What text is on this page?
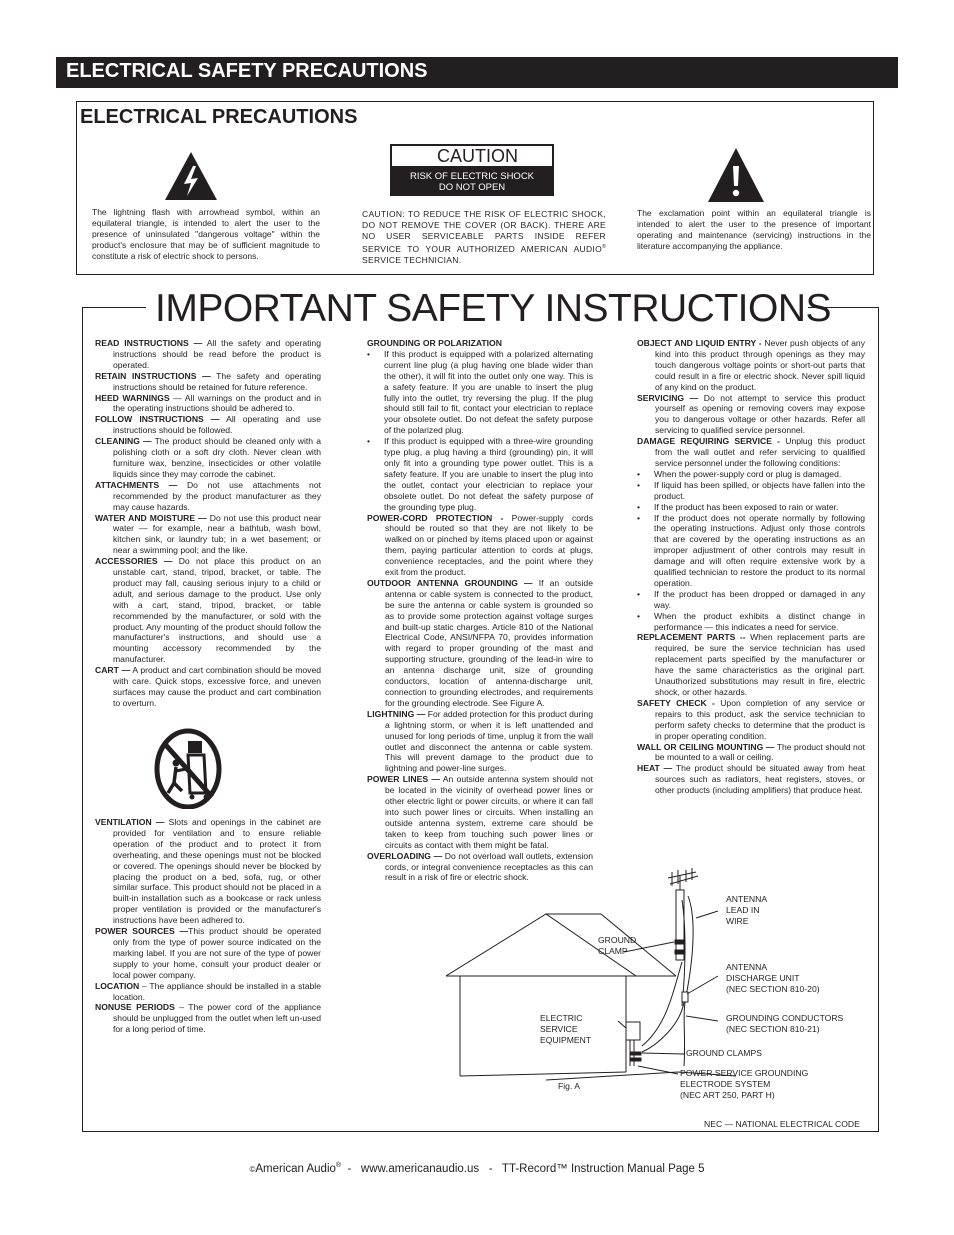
ELECTRICAL SAFETY PRECAUTIONS
ELECTRICAL PRECAUTIONS
The lightning flash with arrowhead symbol, within an equilateral triangle, is intended to alert the user to the presence of uninsulated "dangerous voltage" within the product's enclosure that may be of sufficient magnitude to constitute a risk of electric shock to persons.
CAUTION
RISK OF ELECTRIC SHOCK
DO NOT OPEN
CAUTION: TO REDUCE THE RISK OF ELECTRIC SHOCK, DO NOT REMOVE THE COVER (OR BACK). THERE ARE NO USER SERVICEABLE PARTS INSIDE REFER SERVICE TO YOUR AUTHORIZED AMERICAN AUDIO® SERVICE TECHNICIAN.
The exclamation point within an equilateral triangle is intended to alert the user to the presence of important operating and maintenance (servicing) instructions in the literature accompanying the appliance.
IMPORTANT SAFETY INSTRUCTIONS

READ INSTRUCTIONS — All the safety and operating instructions should be read before the product is operated.

RETAIN INSTRUCTIONS — The safety and operating instructions should be retained for future reference.

HEED WARNINGS — All warnings on the product and in the operating instructions should be adhered to.

FOLLOW INSTRUCTIONS — All operating and use instructions should be followed.

CLEANING — The product should be cleaned only with a polishing cloth or a soft dry cloth. Never clean with furniture wax, benzine, insecticides or other volatile liquids since they may corrode the cabinet.

ATTACHMENTS — Do not use attachments not recommended by the product manufacturer as they may cause hazards.

WATER AND MOISTURE — Do not use this product near water — for example, near a bathtub, wash bowl, kitchen sink, or laundry tub; in a wet basement; or near a swimming pool; and the like.

ACCESSORIES — Do not place this product on an unstable cart, stand, tripod, bracket, or table. The product may fall, causing serious injury to a child or adult, and serious damage to the product. Use only with a cart, stand, tripod, bracket, or table recommended by the manufacturer, or sold with the product. Any mounting of the product should follow the manufacturer's instructions, and should use a mounting accessory recommended by the manufacturer.

CART — A product and cart combination should be moved with care. Quick stops, excessive force, and uneven surfaces may cause the product and cart combination to overturn.

VENTILATION — Slots and openings in the cabinet are provided for ventilation and to ensure reliable operation of the product and to protect it from overheating, and these openings must not be blocked or covered. The openings should never be blocked by placing the product on a bed, sofa, rug, or other similar surface. This product should not be placed in a built-in installation such as a bookcase or rack unless proper ventilation is provided or the manufacturer's instructions have been adhered to.

POWER SOURCES —This product should be operated only from the type of power source indicated on the marking label. If you are not sure of the type of power supply to your home, consult your product dealer or local power company.

LOCATION – The appliance should be installed in a stable location.

NONUSE PERIODS – The power cord of the appliance should be unplugged from the outlet when left un-used for a long period of time.

GROUNDING OR POLARIZATION

• If this product is equipped with a polarized alternating current line plug (a plug having one blade wider than the other), it will fit into the outlet only one way. This is a safety feature. If you are unable to insert the plug fully into the outlet, try reversing the plug. If the plug should still fail to fit, contact your electrician to replace your obsolete outlet. Do not defeat the safety purpose of the polarized plug.

• If this product is equipped with a three-wire grounding type plug, a plug having a third (grounding) pin, it will only fit into a grounding type power outlet. This is a safety feature. If you are unable to insert the plug into the outlet, contact your electrician to replace your obsolete outlet. Do not defeat the safety purpose of the grounding type plug.

POWER-CORD PROTECTION - Power-supply cords should be routed so that they are not likely to be walked on or pinched by items placed upon or against them, paying particular attention to cords at plugs, convenience receptacles, and the point where they exit from the product.

OUTDOOR ANTENNA GROUNDING — If an outside antenna or cable system is connected to the product, be sure the antenna or cable system is grounded so as to provide some protection against voltage surges and built-up static charges. Article 810 of the National Electrical Code, ANSI/NFPA 70, provides information with regard to proper grounding of the mast and supporting structure, grounding of the lead-in wire to an antenna discharge unit, size of grounding conductors, location of antenna-discharge unit, connection to grounding electrodes, and requirements for the grounding electrode. See Figure A.

LIGHTNING — For added protection for this product during a lightning storm, or when it is left unattended and unused for long periods of time, unplug it from the wall outlet and disconnect the antenna or cable system. This will prevent damage to the product due to lightning and power-line surges.

POWER LINES — An outside antenna system should not be located in the vicinity of overhead power lines or other electric light or power circuits, or where it can fall into such power lines or circuits. When installing an outside antenna system, extreme care should be taken to keep from touching such power lines or circuits as contact with them might be fatal.

OVERLOADING — Do not overload wall outlets, extension cords, or integral convenience receptacles as this can result in a risk of fire or electric shock.

OBJECT AND LIQUID ENTRY - Never push objects of any kind into this product through openings as they may touch dangerous voltage points or short-out parts that could result in a fire or electric shock. Never spill liquid of any kind on the product.

SERVICING — Do not attempt to service this product yourself as opening or removing covers may expose you to dangerous voltage or other hazards. Refer all servicing to qualified service personnel.

DAMAGE REQUIRING SERVICE - Unplug this product from the wall outlet and refer servicing to qualified service personnel under the following conditions:

• When the power-supply cord or plug is damaged.

• If liquid has been spilled, or objects have fallen into the product.

• If the product has been exposed to rain or water.

• If the product does not operate normally by following the operating instructions. Adjust only those controls that are covered by the operating instructions as an improper adjustment of other controls may result in damage and will often require extensive work by a qualified technician to restore the product to its normal operation.

• If the product has been dropped or damaged in any way.

• When the product exhibits a distinct change in performance — this indicates a need for service.

REPLACEMENT PARTS -- When replacement parts are required, be sure the service technician has used replacement parts specified by the manufacturer or have the same characteristics as the original part. Unauthorized substitutions may result in fire, electric shock, or other hazards.

SAFETY CHECK - Upon completion of any service or repairs to this product, ask the service technician to perform safety checks to determine that the product is in proper operating condition.

WALL OR CEILING MOUNTING — The product should not be mounted to a wall or ceiling.

HEAT — The product should be situated away from heat sources such as radiators, heat registers, stoves, or other products (including amplifiers) that produce heat.

ANTENNA
LEAD IN
WIRE
GROUND
CLAMP
ANTENNA
DISCHARGE UNIT
(NEC SECTION 810-20)
ELECTRIC
SERVICE
EQUIPMENT
GROUNDING CONDUCTORS
(NEC SECTION 810-21)
GROUND CLAMPS
POWER SERVICE GROUNDING
ELECTRODE SYSTEM
(NEC ART 250, PART H)
Fig. A
NEC — NATIONAL ELECTRICAL CODE
©American Audio®  -   www.americanaudio.us   -   TT-Record™ Instruction Manual Page 5
